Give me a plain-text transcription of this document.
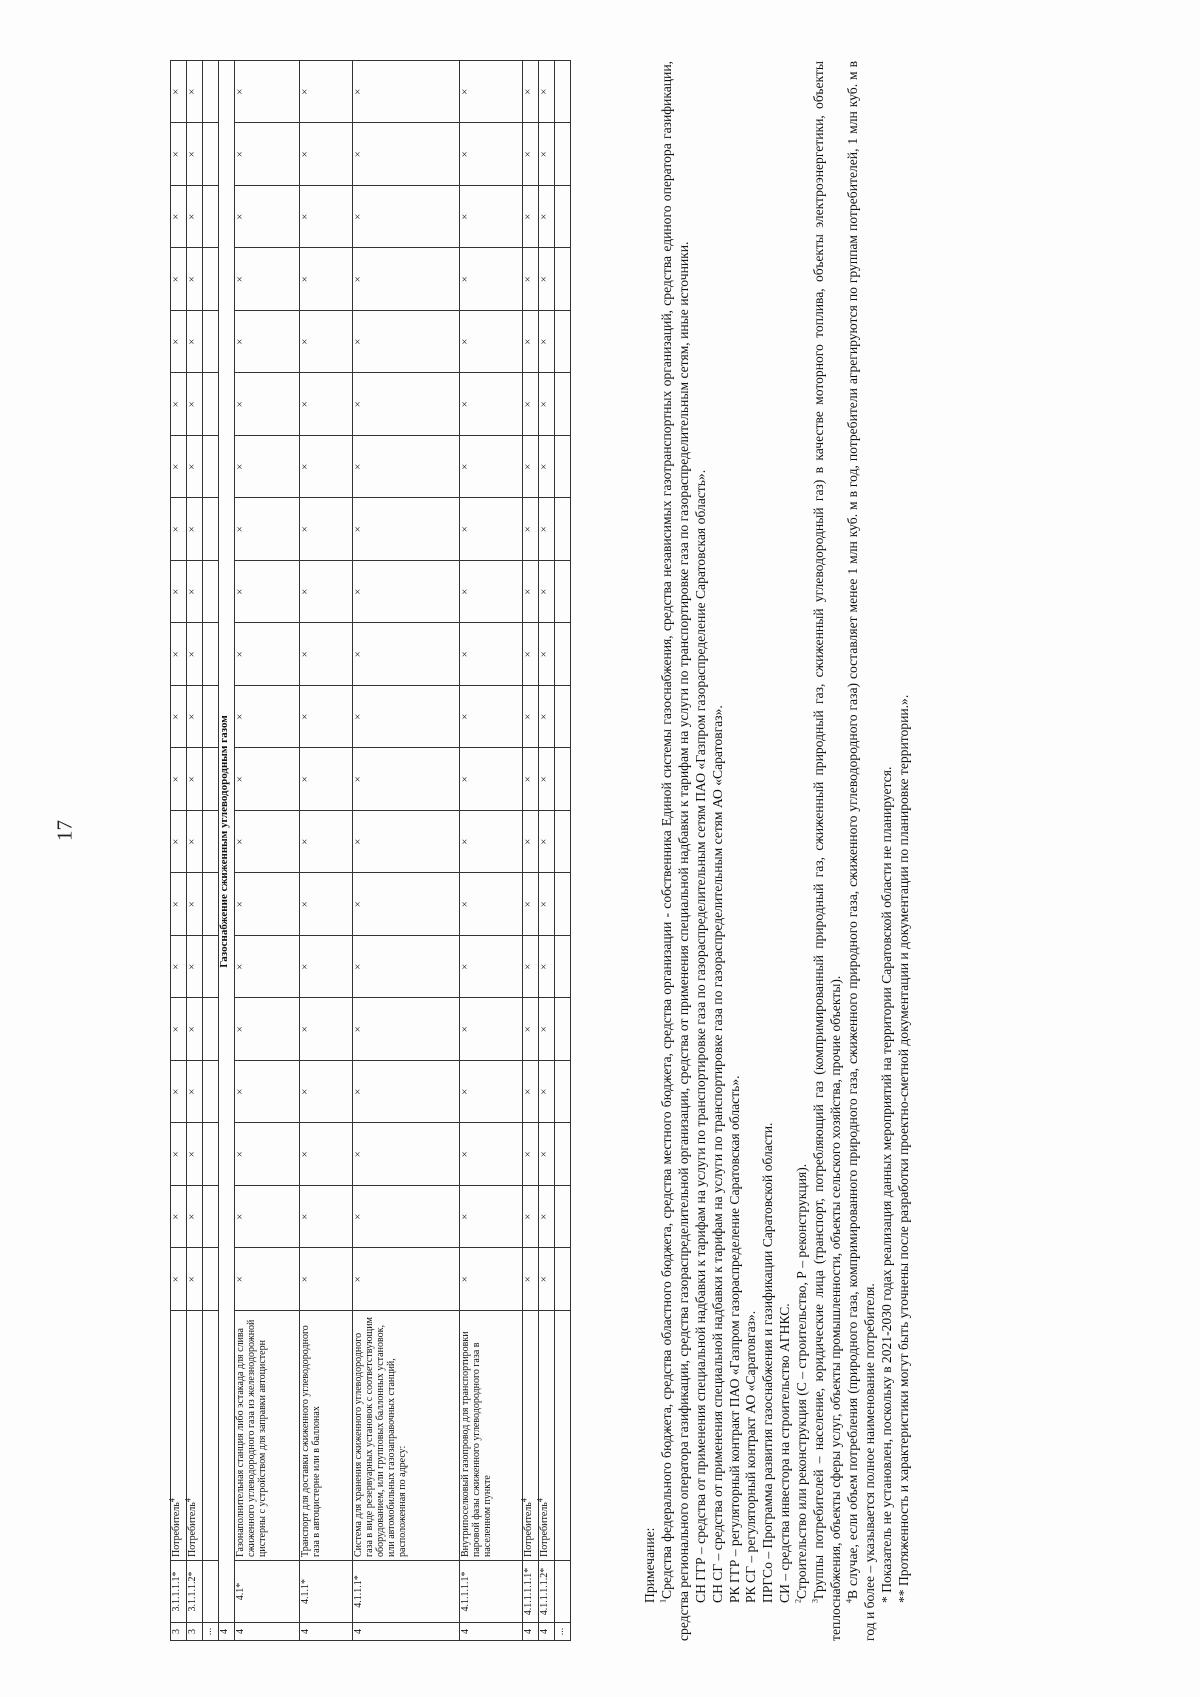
17
3	3.1.1.1.1*	Потребитель$^4$	×	×	×	×	×	×	×	×	×	×	×	×	×	×	×	×	×	×	×	×
3	3.1.1.1.2*	Потребитель$^4$	×	×	×	×	×	×	×	×	×	×	×	×	×	×	×	×	×	×	×	×
...																						
4	Газоснабжение сжиженным углеводородным газом																					
4	4.1*	Газонаполнительная станция либо эстакада для слива сжиженного углеводородного газа из железнодорожной цистерны с устройством для заправки автоцистерн	×	×	×	×	×	×	×	×	×	×	×	×	×	×	×	×	×	×	×	×
4	4.1.1*	Транспорт для доставки сжиженного углеводородного газа в автоцистерне или в баллонах	×	×	×	×	×	×	×	×	×	×	×	×	×	×	×	×	×	×	×	×
4	4.1.1.1*	Система для хранения сжиженного углеводородного газа в виде резервуарных установок с соответствующим оборудованием, или групповых баллонных установок, или автомобильных газозаправочных станций, расположенная по адресу:	×	×	×	×	×	×	×	×	×	×	×	×	×	×	×	×	×	×	×	×
4	4.1.1.1.1*	Внутрипоселковый газопровод для транспортировки паровой фазы сжиженного углеводородного газа в населенном пункте	×	×	×	×	×	×	×	×	×	×	×	×	×	×	×	×	×	×	×	×
4	4.1.1.1.1.1*	Потребитель$^4$	×	×	×	×	×	×	×	×	×	×	×	×	×	×	×	×	×	×	×	×
4	4.1.1.1.1.2*	Потребитель$^4$	×	×	×	×	×	×	×	×	×	×	×	×	×	×	×	×	×	×	×	×
...																						

Примечание: $^1$Средства федерального бюджета, средства областного бюджета, средства местного бюджета, средства организации - собственника Единой системы газоснабжения, средства независимых газотранспортных организаций, средства единого оператора газификации, средства регионального оператора газификации, средства газораспределительной организации, средства от применения специальной надбавки к тарифам на услуги по транспортировке газа по газораспределительным сетям, иные источники. СН ГГР – средства от применения специальной надбавки к тарифам на услуги по транспортировке газа по газораспределительным сетям ПАО «Газпром газораспределение Саратовская область». СН СГ – средства от применения специальной надбавки к тарифам на услуги по транспортировке газа по газораспределительным сетям АО «Саратовгаз». РК ГГР – регуляторный контракт ПАО «Газпром газораспределение Саратовская область». РК СГ – регуляторный контракт АО «Саратовгаз». ПРГСо – Программа развития газоснабжения и газификации Саратовской области. СИ – средства инвестора на строительство АГНКС. $^2$Строительство или реконструкция (С – строительство, Р – реконструкция).

$^3$Группы потребителей – население, юридические лица (транспорт, потребляющий газ (компримированный природный газ, сжиженный природный газ, сжиженный углеводородный газ) в качестве моторного топлива, объекты электроэнергетики, объекты теплоснабжения, объекты сферы услуг, объекты промышленности, объекты сельского хозяйства, прочие объекты). $^4$В случае, если объем потребления (природного газа, компримированного природного газа, сжиженного природного газа, сжиженного углеводородного газа) составляет менее 1 млн куб. м в год, потребители агрегируются по группам потребителей, 1 млн куб. м в год и более – указывается полное наименование потребителя. * Показатель не установлен, поскольку в 2021-2030 годах реализация данных мероприятий на территории Саратовской области не планируется. ** Протяженность и характеристики могут быть уточнены после разработки проектно-сметной документации и документации по планировке территории.».
